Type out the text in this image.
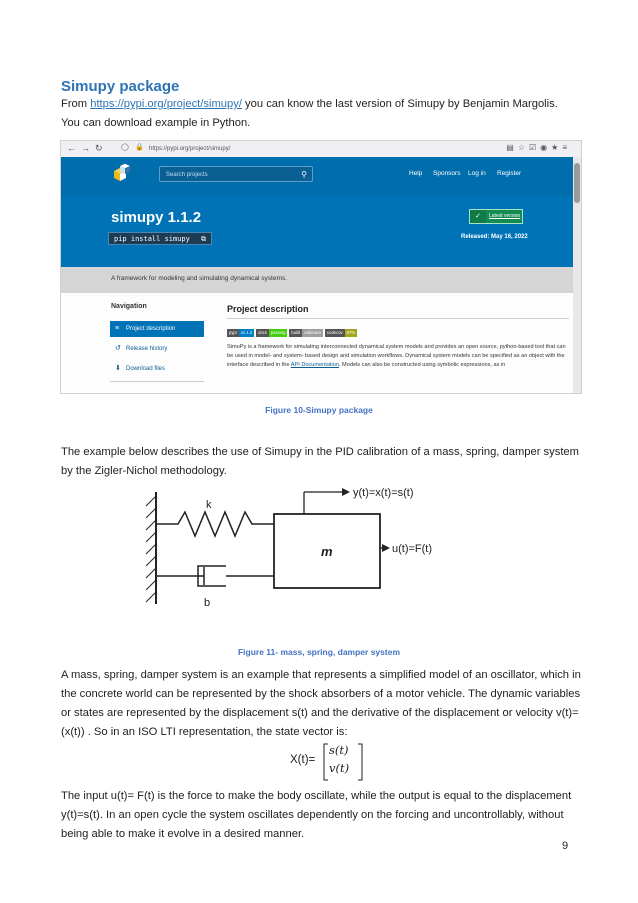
Simupy package
From https://pypi.org/project/simupy/ you can know the last version of Simupy by Benjamin Margolis.
You can download example in Python.
← → ↻	◯ 🔒 https://pypi.org/project/simupy/	▤☆☑◉★≡
Search projects	⚲	Help Sponsors Log in Register
simupy 1.1.2
pip install simupy ⧉
✓	Latest version
Released: May 16, 2022
A framework for modeling and simulating dynamical systems.
Navigation
≡ Project description
↺ Release history
⬇ Download files
Project description
pypi v1.1.2	docs passing	build unknown	codecov 87%
SimuPy is a framework for simulating interconnected dynamical system models and provides an open source, python-based tool that can be used in model- and system- based design and simulation workflows. Dynamical system models can be specified as an object with the interface described in the API Documentation. Models can also be constructed using symbolic expressions, as in
Figure 10-Simupy package
The example below describes the use of Simupy in the PID calibration of a mass, spring, damper system by the Zigler-Nichol methodology.
k
b
m
y(t)=x(t)=s(t)
u(t)=F(t)
Figure 11- mass, spring, damper system
A mass, spring, damper system is an example that represents a simplified model of an oscillator, which in the concrete world can be represented by the shock absorbers of a motor vehicle. The dynamic variables or states are represented by the displacement s(t) and the derivative of the displacement or velocity v(t)=(x(t)) . So in an ISO LTI representation, the state vector is:
X(t)=
s(t)
v(t)
The input u(t)= F(t) is the force to make the body oscillate, while the output is equal to the displacement y(t)=s(t). In an open cycle the system oscillates dependently on the forcing and uncontrollably, without being able to make it evolve in a desired manner.
9
